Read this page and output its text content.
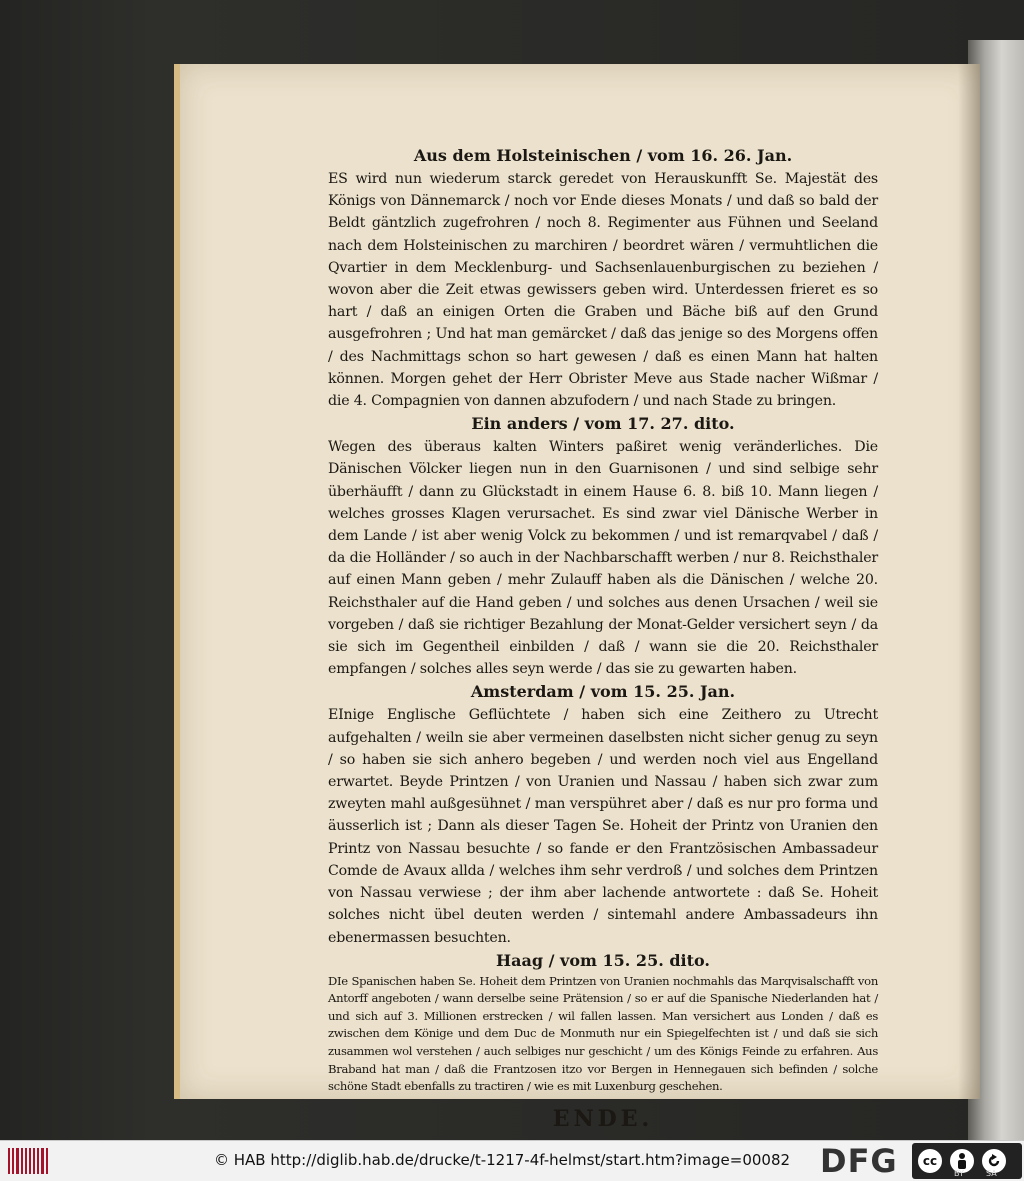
Aus dem Holsteinischen / vom 16. 26. Jan.

ES wird nun wiederum starck geredet von Herauskunfft Se. Majestät des Königs von Dännemarck / noch vor Ende dieses Monats / und daß so bald der Beldt gäntzlich zugefrohren / noch 8. Regimenter aus Fühnen und Seeland nach dem Holsteinischen zu marchiren / beordret wären / vermuhtlichen die Qvartier in dem Mecklenburg- und Sachsenlauenburgischen zu beziehen / wovon aber die Zeit etwas gewissers geben wird. Unterdessen frieret es so hart / daß an einigen Orten die Graben und Bäche biß auf den Grund ausgefrohren ; Und hat man gemärcket / daß das jenige so des Morgens offen / des Nachmittags schon so hart gewesen / daß es einen Mann hat halten können. Morgen gehet der Herr Obrister Meve aus Stade nacher Wißmar / die 4. Compagnien von dannen abzufodern / und nach Stade zu bringen.

Ein anders / vom 17. 27. dito.

Wegen des überaus kalten Winters paßiret wenig veränderliches. Die Dänischen Völcker liegen nun in den Guarnisonen / und sind selbige sehr überhäufft / dann zu Glückstadt in einem Hause 6. 8. biß 10. Mann liegen / welches grosses Klagen verursachet. Es sind zwar viel Dänische Werber in dem Lande / ist aber wenig Volck zu bekommen / und ist remarqvabel / daß / da die Holländer / so auch in der Nachbarschafft werben / nur 8. Reichsthaler auf einen Mann geben / mehr Zulauff haben als die Dänischen / welche 20. Reichsthaler auf die Hand geben / und solches aus denen Ursachen / weil sie vorgeben / daß sie richtiger Bezahlung der Monat-Gelder versichert seyn / da sie sich im Gegentheil einbilden / daß / wann sie die 20. Reichsthaler empfangen / solches alles seyn werde / das sie zu gewarten haben.

Amsterdam / vom 15. 25. Jan.

EInige Englische Geflüchtete / haben sich eine Zeithero zu Utrecht aufgehalten / weiln sie aber vermeinen daselbsten nicht sicher genug zu seyn / so haben sie sich anhero begeben / und werden noch viel aus Engelland erwartet. Beyde Printzen / von Uranien und Nassau / haben sich zwar zum zweyten mahl außgesühnet / man verspühret aber / daß es nur pro forma und äusserlich ist ; Dann als dieser Tagen Se. Hoheit der Printz von Uranien den Printz von Nassau besuchte / so fande er den Frantzösischen Ambassadeur Comde de Avaux allda / welches ihm sehr verdroß / und solches dem Printzen von Nassau verwiese ; der ihm aber lachende antwortete : daß Se. Hoheit solches nicht übel deuten werden / sintemahl andere Ambassadeurs ihn ebenermassen besuchten.

Haag / vom 15. 25. dito.

DIe Spanischen haben Se. Hoheit dem Printzen von Uranien nochmahls das Marqvisalschafft von Antorff angeboten / wann derselbe seine Prätension / so er auf die Spanische Niederlanden hat / und sich auf 3. Millionen erstrecken / wil fallen lassen. Man versichert aus Londen / daß es zwischen dem Könige und dem Duc de Monmuth nur ein Spiegelfechten ist / und daß sie sich zusammen wol verstehen / auch selbiges nur geschicht / um des Königs Feinde zu erfahren. Aus Braband hat man / daß die Frantzosen itzo vor Bergen in Hennegauen sich befinden / solche schöne Stadt ebenfalls zu tractiren / wie es mit Luxenburg geschehen.

ENDE.
© HAB http://diglib.hab.de/drucke/t-1217-4f-helmst/start.htm?image=00082 DFG	cc
BY	SA
